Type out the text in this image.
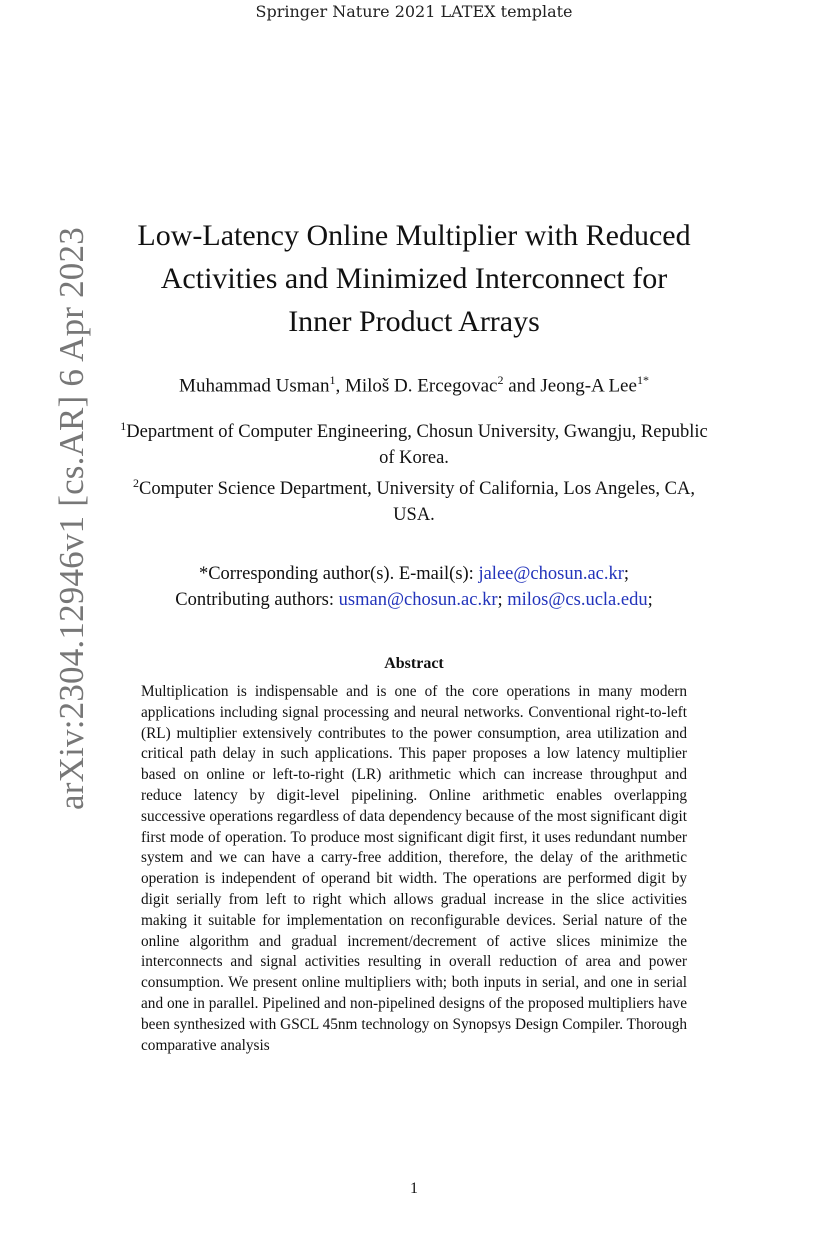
Springer Nature 2021 LATEX template
arXiv:2304.12946v1 [cs.AR] 6 Apr 2023	Low-Latency Online Multiplier with Reduced
Activities and Minimized Interconnect for
Inner Product Arrays
Muhammad Usman$^1$, Miloš D. Ercegovac$^2$ and Jeong-A Lee$^{1*}$
$^1$Department of Computer Engineering, Chosun University, Gwangju, Republic of Korea.
$^2$Computer Science Department, University of California, Los Angeles, CA, USA.
*Corresponding author(s). E-mail(s): jalee@chosun.ac.kr;
Contributing authors: usman@chosun.ac.kr; milos@cs.ucla.edu;
Abstract

Multiplication is indispensable and is one of the core operations in many modern applications including signal processing and neural networks. Conventional right-to-left (RL) multiplier extensively contributes to the power consumption, area utilization and critical path delay in such applications. This paper proposes a low latency multiplier based on online or left-to-right (LR) arithmetic which can increase throughput and reduce latency by digit-level pipelining. Online arithmetic enables overlapping successive operations regardless of data dependency because of the most significant digit first mode of operation. To produce most significant digit first, it uses redundant number system and we can have a carry-free addition, therefore, the delay of the arithmetic operation is independent of operand bit width. The operations are performed digit by digit serially from left to right which allows gradual increase in the slice activities making it suitable for implementation on reconfigurable devices. Serial nature of the online algorithm and gradual increment/decrement of active slices minimize the interconnects and signal activities resulting in overall reduction of area and power consumption. We present online multipliers with; both inputs in serial, and one in serial and one in parallel. Pipelined and non-pipelined designs of the proposed multipliers have been synthesized with GSCL 45nm technology on Synopsys Design Compiler. Thorough comparative analysis

1
